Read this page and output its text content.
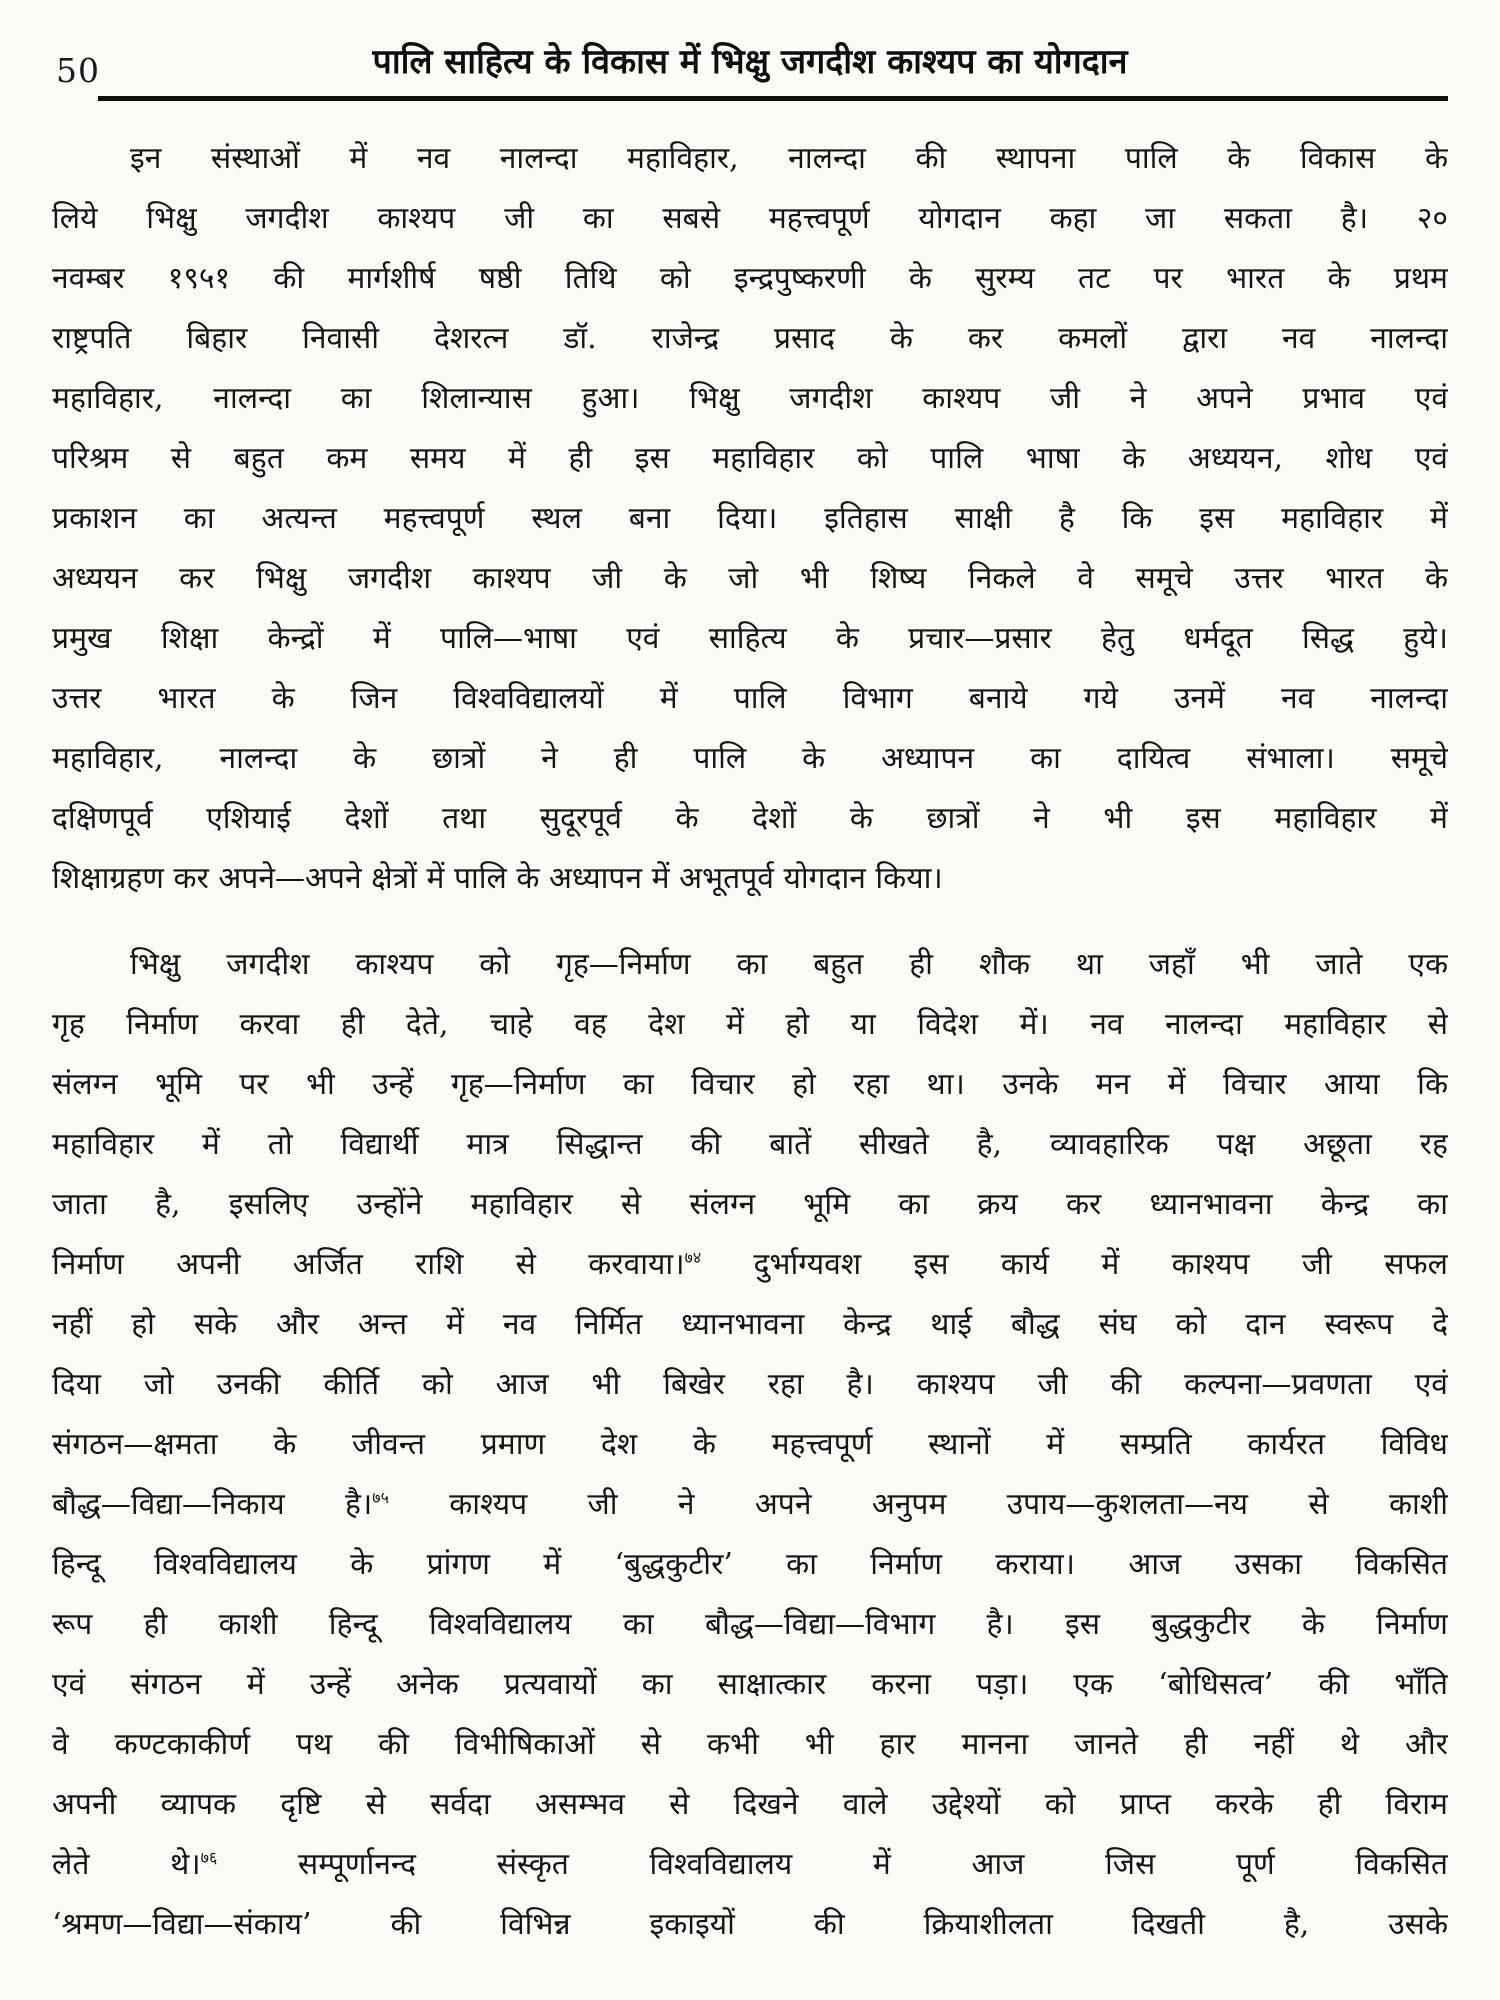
50	पालि साहित्य के विकास में भिक्षु जगदीश काश्यप का योगदान
इन संस्थाओं में नव नालन्दा महाविहार, नालन्दा की स्थापना पालि के विकास के
लिये भिक्षु जगदीश काश्यप जी का सबसे महत्त्वपूर्ण योगदान कहा जा सकता है। २०
नवम्बर १९५१ की मार्गशीर्ष षष्ठी तिथि को इन्द्रपुष्करणी के सुरम्य तट पर भारत के प्रथम
राष्ट्रपति बिहार निवासी देशरत्न डॉ. राजेन्द्र प्रसाद के कर कमलों द्वारा नव नालन्दा
महाविहार, नालन्दा का शिलान्यास हुआ। भिक्षु जगदीश काश्यप जी ने अपने प्रभाव एवं
परिश्रम से बहुत कम समय में ही इस महाविहार को पालि भाषा के अध्ययन, शोध एवं
प्रकाशन का अत्यन्त महत्त्वपूर्ण स्थल बना दिया। इतिहास साक्षी है कि इस महाविहार में
अध्ययन कर भिक्षु जगदीश काश्यप जी के जो भी शिष्य निकले वे समूचे उत्तर भारत के
प्रमुख शिक्षा केन्द्रों में पालि—भाषा एवं साहित्य के प्रचार—प्रसार हेतु धर्मदूत सिद्ध हुये।
उत्तर भारत के जिन विश्वविद्यालयों में पालि विभाग बनाये गये उनमें नव नालन्दा
महाविहार, नालन्दा के छात्रों ने ही पालि के अध्यापन का दायित्व संभाला। समूचे
दक्षिणपूर्व एशियाई देशों तथा सुदूरपूर्व के देशों के छात्रों ने भी इस महाविहार में
शिक्षाग्रहण कर अपने—अपने क्षेत्रों में पालि के अध्यापन में अभूतपूर्व योगदान किया।
भिक्षु जगदीश काश्यप को गृह—निर्माण का बहुत ही शौक था जहाँ भी जाते एक
गृह निर्माण करवा ही देते, चाहे वह देश में हो या विदेश में। नव नालन्दा महाविहार से
संलग्न भूमि पर भी उन्हें गृह—निर्माण का विचार हो रहा था। उनके मन में विचार आया कि
महाविहार में तो विद्यार्थी मात्र सिद्धान्त की बातें सीखते है, व्यावहारिक पक्ष अछूता रह
जाता है, इसलिए उन्होंने महाविहार से संलग्न भूमि का क्रय कर ध्यानभावना केन्द्र का
निर्माण अपनी अर्जित राशि से करवाया।$^{७४}$ दुर्भाग्यवश इस कार्य में काश्यप जी सफल
नहीं हो सके और अन्त में नव निर्मित ध्यानभावना केन्द्र थाई बौद्ध संघ को दान स्वरूप दे
दिया जो उनकी कीर्ति को आज भी बिखेर रहा है। काश्यप जी की कल्पना—प्रवणता एवं
संगठन—क्षमता के जीवन्त प्रमाण देश के महत्त्वपूर्ण स्थानों में सम्प्रति कार्यरत विविध
बौद्ध—विद्या—निकाय है।$^{७५}$ काश्यप जी ने अपने अनुपम उपाय—कुशलता—नय से काशी
हिन्दू विश्वविद्यालय के प्रांगण में ‘बुद्धकुटीर’ का निर्माण कराया। आज उसका विकसित
रूप ही काशी हिन्दू विश्वविद्यालय का बौद्ध—विद्या—विभाग है। इस बुद्धकुटीर के निर्माण
एवं संगठन में उन्हें अनेक प्रत्यवायों का साक्षात्कार करना पड़ा। एक ‘बोधिसत्व’ की भाँति
वे कण्टकाकीर्ण पथ की विभीषिकाओं से कभी भी हार मानना जानते ही नहीं थे और
अपनी व्यापक दृष्टि से सर्वदा असम्भव से दिखने वाले उद्देश्यों को प्राप्त करके ही विराम
लेते थे।$^{७६}$ सम्पूर्णानन्द संस्कृत विश्वविद्यालय में आज जिस पूर्ण विकसित
‘श्रमण—विद्या—संकाय’ की विभिन्न इकाइयों की क्रियाशीलता दिखती है, उसके
